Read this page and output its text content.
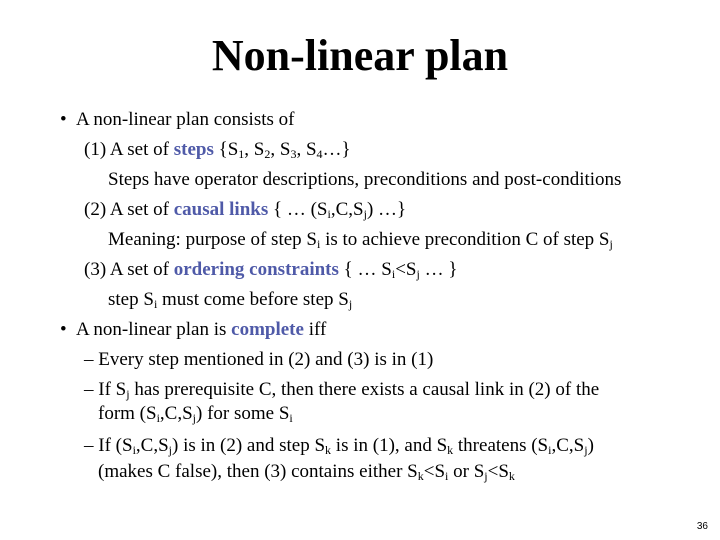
Non-linear plan
• A non-linear plan consists of
(1) A set of steps {$S_1$, $S_2$, $S_3$, $S_4\dots$}
Steps have operator descriptions, preconditions and post-conditions
(2) A set of causal links { … $(S_i,C,S_j)$ …}
Meaning: purpose of step $S_i$ is to achieve precondition C of step $S_j$
(3) A set of ordering constraints { … $S_i<S_j$ … }
step $S_i$ must come before step $S_j$
• A non-linear plan is complete iff
– Every step mentioned in (2) and (3) is in (1)
– If $S_j$ has prerequisite C, then there exists a causal link in (2) of the
form $(S_i,C,S_j)$ for some $S_i$
– If $(S_i,C,S_j)$ is in (2) and step $S_k$ is in (1), and $S_k$ threatens $(S_i,C,S_j)$
(makes C false), then (3) contains either $S_k<S_i$ or $S_j<S_k$
36
